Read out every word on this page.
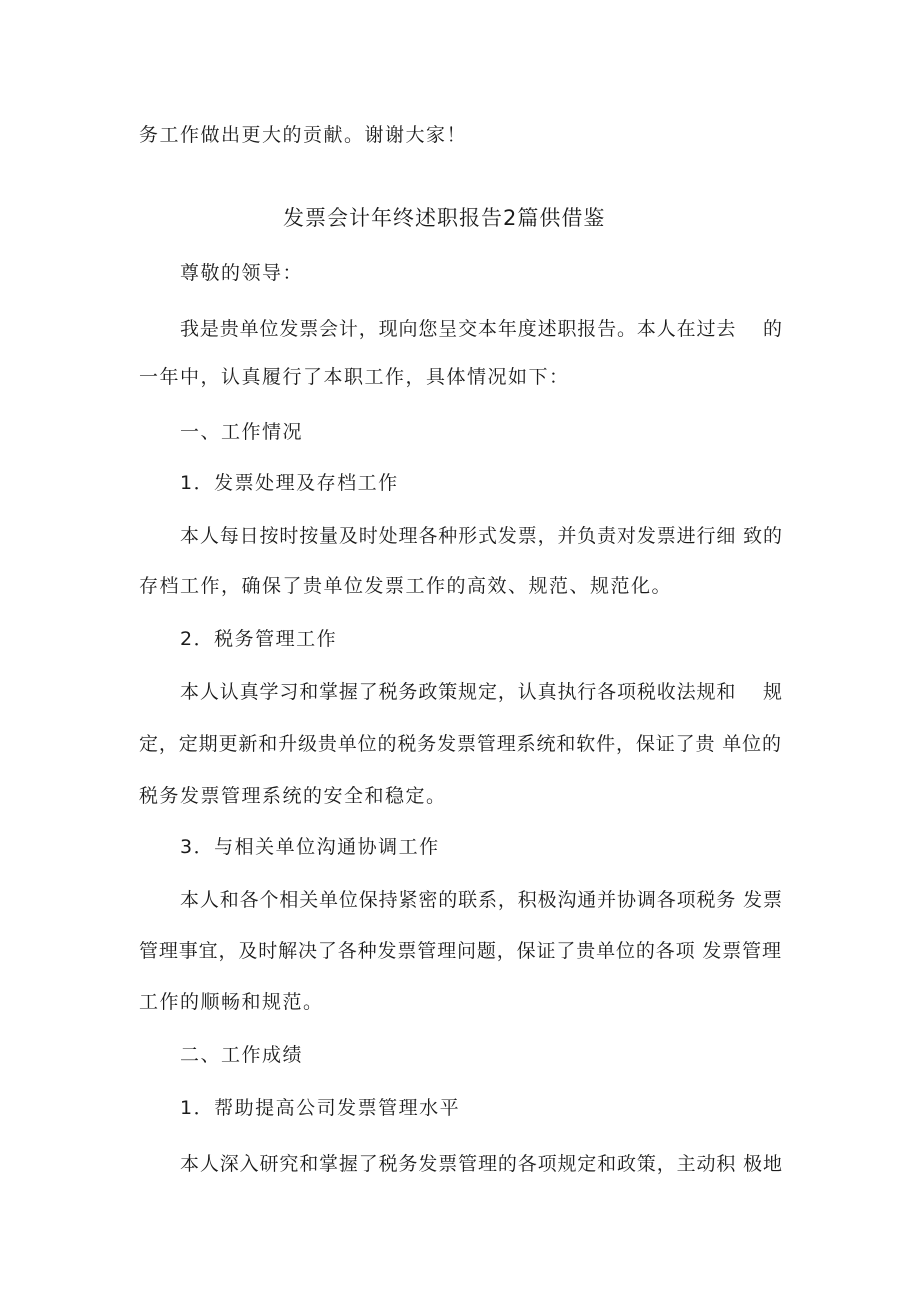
务工作做出更大的贡献。谢谢大家！
发票会计年终述职报告2篇供借鉴
尊敬的领导：
我是贵单位发票会计，现向您呈交本年度述职报告。本人在过去　 的
一年中，认真履行了本职工作，具体情况如下：
一、工作情况
1．发票处理及存档工作
本人每日按时按量及时处理各种形式发票，并负责对发票进行细 致的
存档工作，确保了贵单位发票工作的高效、规范、规范化。
2．税务管理工作
本人认真学习和掌握了税务政策规定，认真执行各项税收法规和　 规
定，定期更新和升级贵单位的税务发票管理系统和软件，保证了贵 单位的
税务发票管理系统的安全和稳定。
3．与相关单位沟通协调工作
本人和各个相关单位保持紧密的联系，积极沟通并协调各项税务 发票
管理事宜，及时解决了各种发票管理问题，保证了贵单位的各项 发票管理
工作的顺畅和规范。
二、工作成绩
1．帮助提高公司发票管理水平
本人深入研究和掌握了税务发票管理的各项规定和政策，主动积 极地
